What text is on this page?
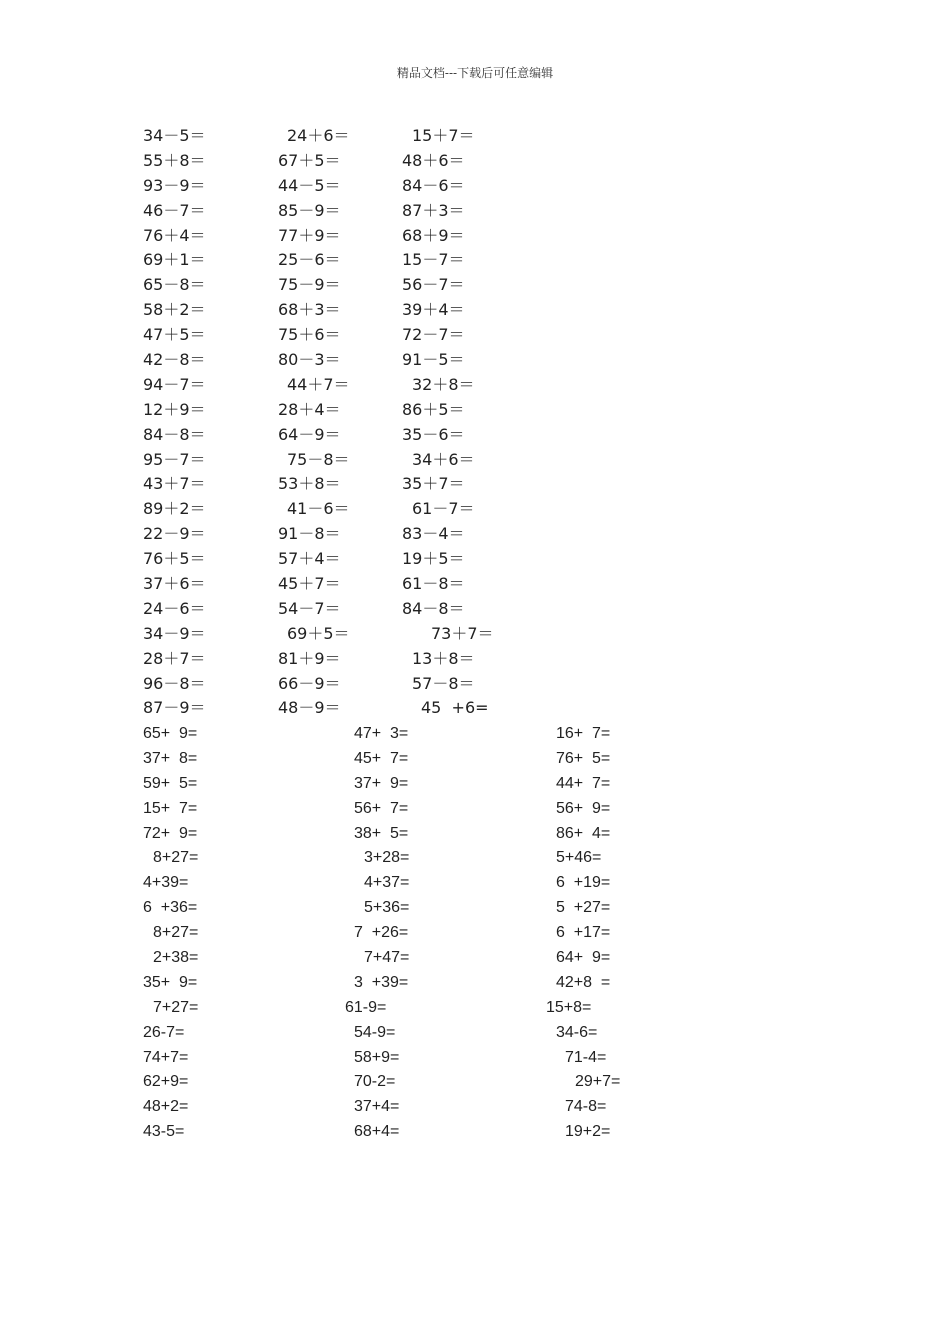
精品文档---下载后可任意编辑
34－5＝	24＋6＝	15＋7＝
55＋8＝	67＋5＝	48＋6＝
93－9＝	44－5＝	84－6＝
46－7＝	85－9＝	87＋3＝
76＋4＝	77＋9＝	68＋9＝
69＋1＝	25－6＝	15－7＝
65－8＝	75－9＝	56－7＝
58＋2＝	68＋3＝	39＋4＝
47＋5＝	75＋6＝	72－7＝
42－8＝	80－3＝	91－5＝
94－7＝	44＋7＝	32＋8＝
12＋9＝	28＋4＝	86＋5＝
84－8＝	64－9＝	35－6＝
95－7＝	75－8＝	34＋6＝
43＋7＝	53＋8＝	35＋7＝
89＋2＝	41－6＝	61－7＝
22－9＝	91－8＝	83－4＝
76＋5＝	57＋4＝	19＋5＝
37＋6＝	45＋7＝	61－8＝
24－6＝	54－7＝	84－8＝
34－9＝	69＋5＝	73＋7＝
28＋7＝	81＋9＝	13＋8＝
96－8＝	66－9＝	57－8＝
87－9＝	48－9＝	45  +6=
65+  9=	47+  3=	16+  7=
37+  8=	45+  7=	76+  5=
59+  5=	37+  9=	44+  7=
15+  7=	56+  7=	56+  9=
72+  9=	38+  5=	86+  4=
8+27=	3+28=	5+46=
4+39=	4+37=	6  +19=
6  +36=	5+36=	5  +27=
8+27=	7  +26=	6  +17=
2+38=	7+47=	64+  9=
35+  9=	3  +39=	42+8  =
7+27=	61-9=	15+8=
26-7=	54-9=	34-6=
74+7=	58+9=	71-4=
62+9=	70-2=	29+7=
48+2=	37+4=	74-8=
43-5=	68+4=	19+2=
